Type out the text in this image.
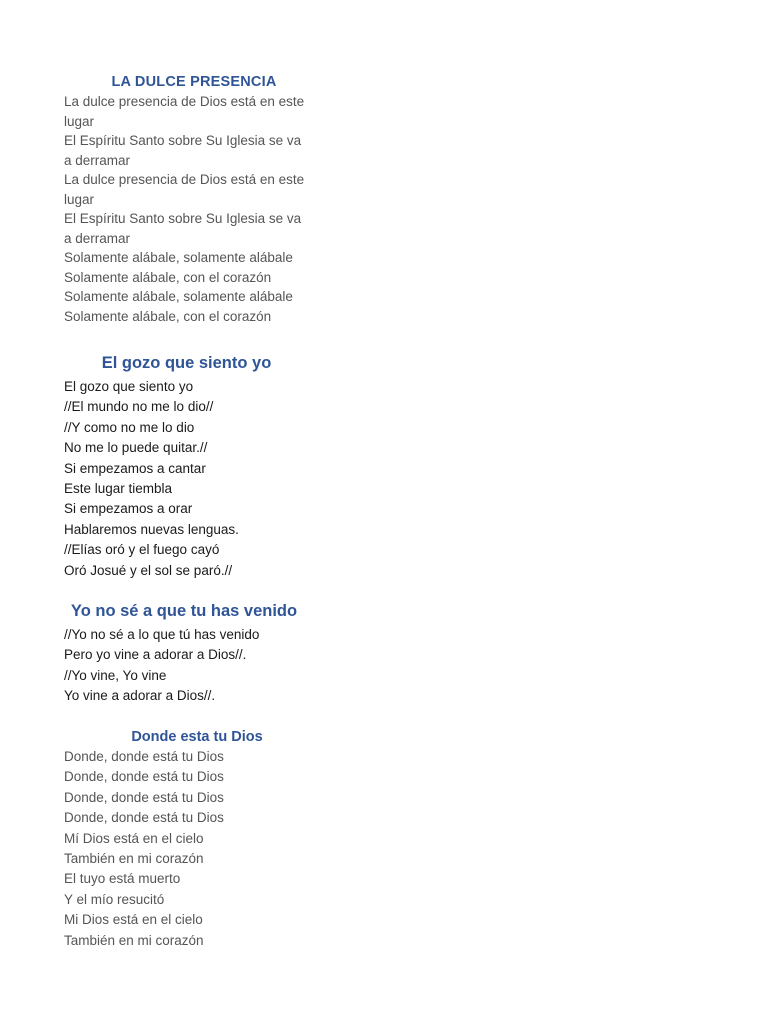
LA DULCE PRESENCIA
La dulce presencia de Dios está en este lugar
El Espíritu Santo sobre Su Iglesia se va a derramar
La dulce presencia de Dios está en este lugar
El Espíritu Santo sobre Su Iglesia se va a derramar
Solamente alábale, solamente alábale
Solamente alábale, con el corazón
Solamente alábale, solamente alábale
Solamente alábale, con el corazón
El gozo que siento yo
El gozo que siento yo
//El mundo no me lo dio//
//Y como no me lo dio
No me lo puede quitar.//
Si empezamos a cantar
Este lugar tiembla
Si empezamos a orar
Hablaremos nuevas lenguas.
//Elías oró y el fuego cayó
Oró Josué y el sol se paró.//
Yo no sé a que tu has venido
//Yo no sé a lo que tú has venido
Pero yo vine a adorar a Dios//.
//Yo vine, Yo vine
Yo vine a adorar a Dios//.
Donde esta tu Dios
Donde, donde está tu Dios
Donde, donde está tu Dios
Donde, donde está tu Dios
Donde, donde está tu Dios
Mí Dios está en el cielo
También en mi corazón
El tuyo está muerto
Y el mío resucitó
Mi Dios está en el cielo
También en mi corazón
